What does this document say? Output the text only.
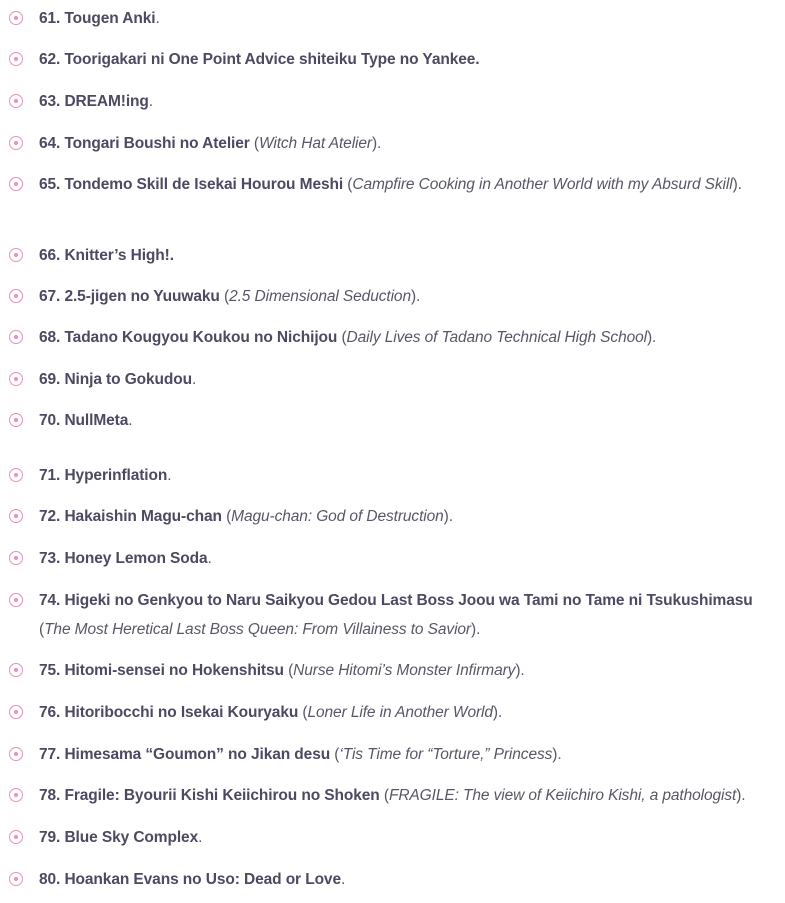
61. Tougen Anki.
62. Toorigakari ni One Point Advice shiteiku Type no Yankee.
63. DREAM!ing.
64. Tongari Boushi no Atelier (Witch Hat Atelier).
65. Tondemo Skill de Isekai Hourou Meshi (Campfire Cooking in Another World with my Absurd Skill).
66. Knitter’s High!.
67. 2.5-jigen no Yuuwaku (2.5 Dimensional Seduction).
68. Tadano Kougyou Koukou no Nichijou (Daily Lives of Tadano Technical High School).
69. Ninja to Gokudou.
70. NullMeta.
71. Hyperinflation.
72. Hakaishin Magu-chan (Magu-chan: God of Destruction).
73. Honey Lemon Soda.
74. Higeki no Genkyou to Naru Saikyou Gedou Last Boss Joou wa Tami no Tame ni Tsukushimasu (The Most Heretical Last Boss Queen: From Villainess to Savior).
75. Hitomi-sensei no Hokenshitsu (Nurse Hitomi’s Monster Infirmary).
76. Hitoribocchi no Isekai Kouryaku (Loner Life in Another World).
77. Himesama “Goumon” no Jikan desu (‘Tis Time for “Torture,” Princess).
78. Fragile: Byourii Kishi Keiichirou no Shoken (FRAGILE: The view of Keiichiro Kishi, a pathologist).
79. Blue Sky Complex.
80. Hoankan Evans no Uso: Dead or Love.
